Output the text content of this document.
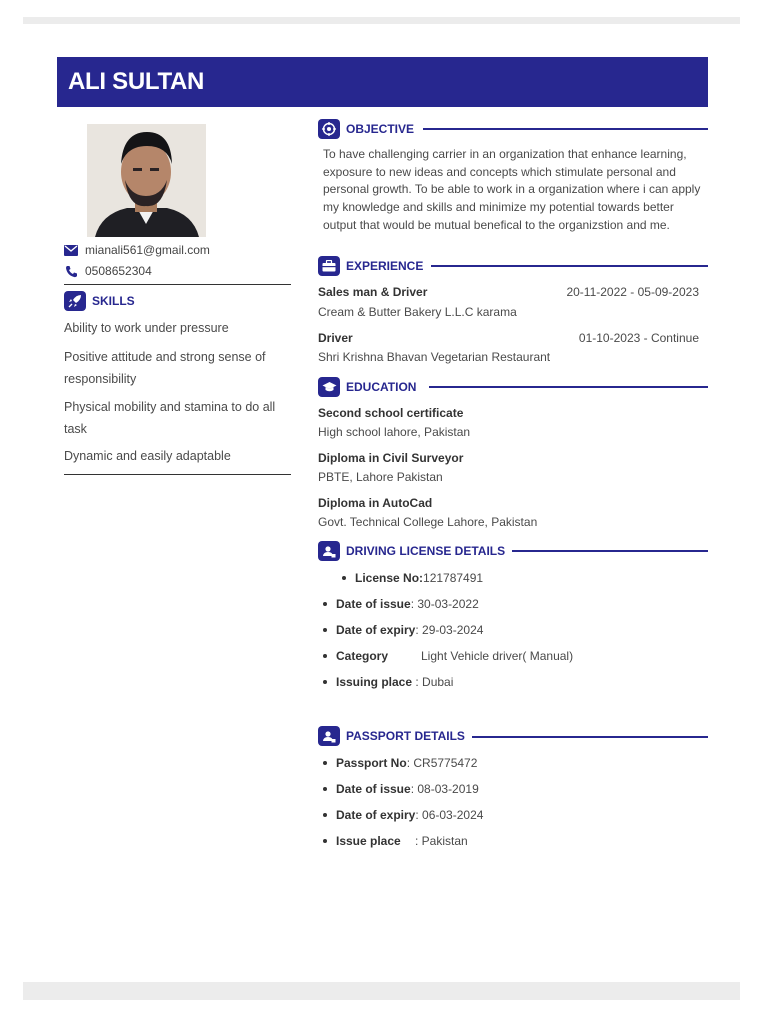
ALI SULTAN
mianali561@gmail.com
0508652304
SKILLS
Ability to work under pressure
Positive attitude and strong sense of responsibility
Physical mobility and stamina to do all task
Dynamic and easily adaptable
OBJECTIVE
To have challenging carrier in an organization that enhance learning, exposure to new ideas and concepts which stimulate personal and personal growth. To be able to work in a organization where i can apply my knowledge and skills and minimize my potential towards better output that would be mutual benefical to the organizstion and me.
EXPERIENCE
Sales man & Driver	20-11-2022 - 05-09-2023
Cream & Butter Bakery L.L.C karama
Driver	01-10-2023 - Continue
Shri Krishna Bhavan Vegetarian Restaurant
EDUCATION
Second school certificate
High school lahore, Pakistan
Diploma in Civil Surveyor
PBTE, Lahore Pakistan
Diploma in AutoCad
Govt. Technical College Lahore, Pakistan
DRIVING LICENSE DETAILS
License No: 121787491
Date of issue : 30-03-2022
Date of expiry : 29-03-2024
Category	Light Vehicle driver( Manual)
Issuing place : Dubai
PASSPORT DETAILS
Passport No : CR5775472
Date of issue : 08-03-2019
Date of expiry : 06-03-2024
Issue place	: Pakistan
